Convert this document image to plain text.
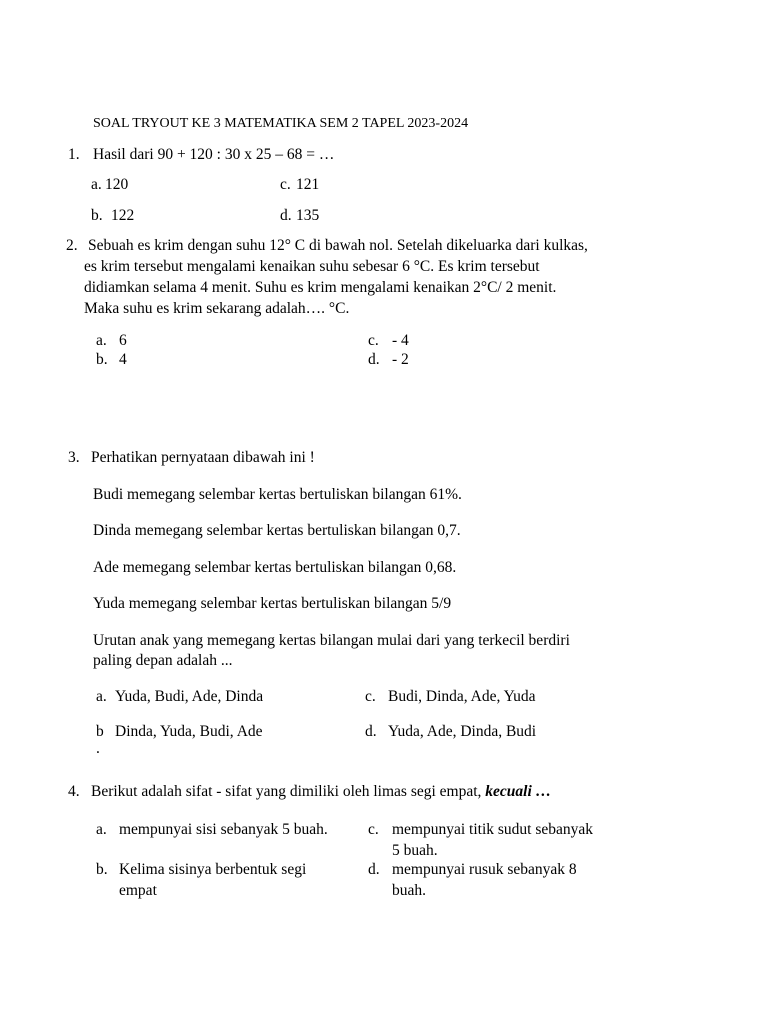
SOAL TRYOUT KE 3 MATEMATIKA SEM 2 TAPEL 2023-2024
1. Hasil dari 90 + 120 : 30 x 25 – 68 = …
a. 120	c. 121
b. 122	d. 135
2. Sebuah es krim dengan suhu 12° C di bawah nol. Setelah dikeluarka dari kulkas,
es krim tersebut mengalami kenaikan suhu sebesar 6 °C. Es krim tersebut
didiamkan selama 4 menit. Suhu es krim mengalami kenaikan 2°C/ 2 menit.
Maka suhu es krim sekarang adalah…. °C.
a. 6	c. - 4
b. 4	d. - 2
3. Perhatikan pernyataan dibawah ini !
Budi memegang selembar kertas bertuliskan bilangan 61%.
Dinda memegang selembar kertas bertuliskan bilangan 0,7.
Ade memegang selembar kertas bertuliskan bilangan 0,68.
Yuda memegang selembar kertas bertuliskan bilangan 5/9
Urutan anak yang memegang kertas bilangan mulai dari yang terkecil berdiri
paling depan adalah ...
a. Yuda, Budi, Ade, Dinda	c. Budi, Dinda, Ade, Yuda
b Dinda, Yuda, Budi, Ade	d. Yuda, Ade, Dinda, Budi
.
4. Berikut adalah sifat - sifat yang dimiliki oleh limas segi empat, kecuali …
a. mempunyai sisi sebanyak 5 buah.	c. mempunyai titik sudut sebanyak
5 buah.
b. Kelima sisinya berbentuk segi
empat
d. mempunyai rusuk sebanyak 8
buah.
